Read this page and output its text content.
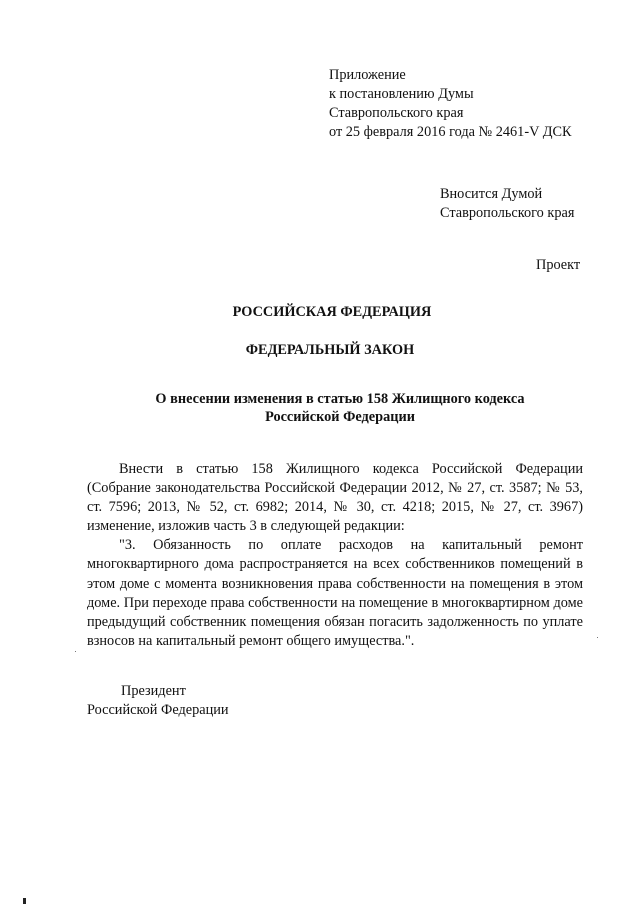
Приложение
к постановлению Думы
Ставропольского края
от 25 февраля 2016 года № 2461-V ДСК
Вносится Думой
Ставропольского края
Проект
РОССИЙСКАЯ ФЕДЕРАЦИЯ
ФЕДЕРАЛЬНЫЙ ЗАКОН
О внесении изменения в статью 158 Жилищного кодекса
Российской Федерации

Внести в статью 158 Жилищного кодекса Российской Федерации (Собрание законодательства Российской Федерации 2012, № 27, ст. 3587; № 53, ст. 7596; 2013, № 52, ст. 6982; 2014, № 30, ст. 4218; 2015, № 27, ст. 3967) изменение, изложив часть 3 в следующей редакции:

"3. Обязанность по оплате расходов на капитальный ремонт многоквартирного дома распространяется на всех собственников помещений в этом доме с момента возникновения права собственности на помещения в этом доме. При переходе права собственности на помещение в многоквартирном доме предыдущий собственник помещения обязан погасить задолженность по уплате взносов на капитальный ремонт общего имущества.".

Президент
Российской Федерации
